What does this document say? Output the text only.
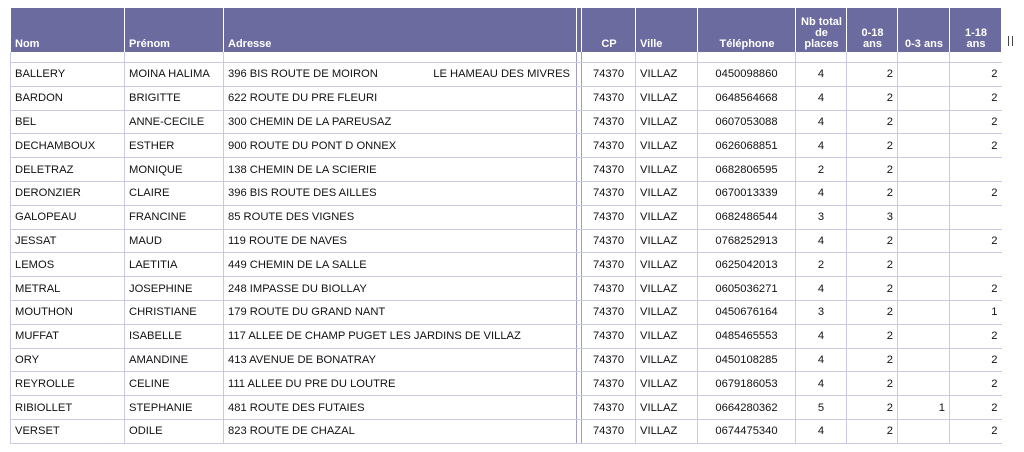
Nom	Prénom	Adresse		CP	Ville	Téléphone	Nb total
de
places	0-18 ans	0-3 ans	1-18 ans

BALLERY	MOINA HALIMA	396 BIS ROUTE DE MOIRON LE HAMEAU DES MIVRES		74370	VILLAZ	0450098860	4	2		2
BARDON	BRIGITTE	622 ROUTE DU PRE FLEURI		74370	VILLAZ	0648564668	4	2		2
BEL	ANNE-CECILE	300 CHEMIN DE LA PAREUSAZ		74370	VILLAZ	0607053088	4	2		2
DECHAMBOUX	ESTHER	900 ROUTE DU PONT D ONNEX		74370	VILLAZ	0626068851	4	2		2
DELETRAZ	MONIQUE	138 CHEMIN DE LA SCIERIE		74370	VILLAZ	0682806595	2	2		
DERONZIER	CLAIRE	396 BIS ROUTE DES AILLES		74370	VILLAZ	0670013339	4	2		2
GALOPEAU	FRANCINE	85 ROUTE DES VIGNES		74370	VILLAZ	0682486544	3	3		
JESSAT	MAUD	119 ROUTE DE NAVES		74370	VILLAZ	0768252913	4	2		2
LEMOS	LAETITIA	449 CHEMIN DE LA SALLE		74370	VILLAZ	0625042013	2	2		
METRAL	JOSEPHINE	248 IMPASSE DU BIOLLAY		74370	VILLAZ	0605036271	4	2		2
MOUTHON	CHRISTIANE	179 ROUTE DU GRAND NANT		74370	VILLAZ	0450676164	3	2		1
MUFFAT	ISABELLE	117 ALLEE DE CHAMP PUGET LES JARDINS DE VILLAZ		74370	VILLAZ	0485465553	4	2		2
ORY	AMANDINE	413 AVENUE DE BONATRAY		74370	VILLAZ	0450108285	4	2		2
REYROLLE	CELINE	111 ALLEE DU PRE DU LOUTRE		74370	VILLAZ	0679186053	4	2		2
RIBIOLLET	STEPHANIE	481 ROUTE DES FUTAIES		74370	VILLAZ	0664280362	5	2	1	2
VERSET	ODILE	823 ROUTE DE CHAZAL		74370	VILLAZ	0674475340	4	2		2
